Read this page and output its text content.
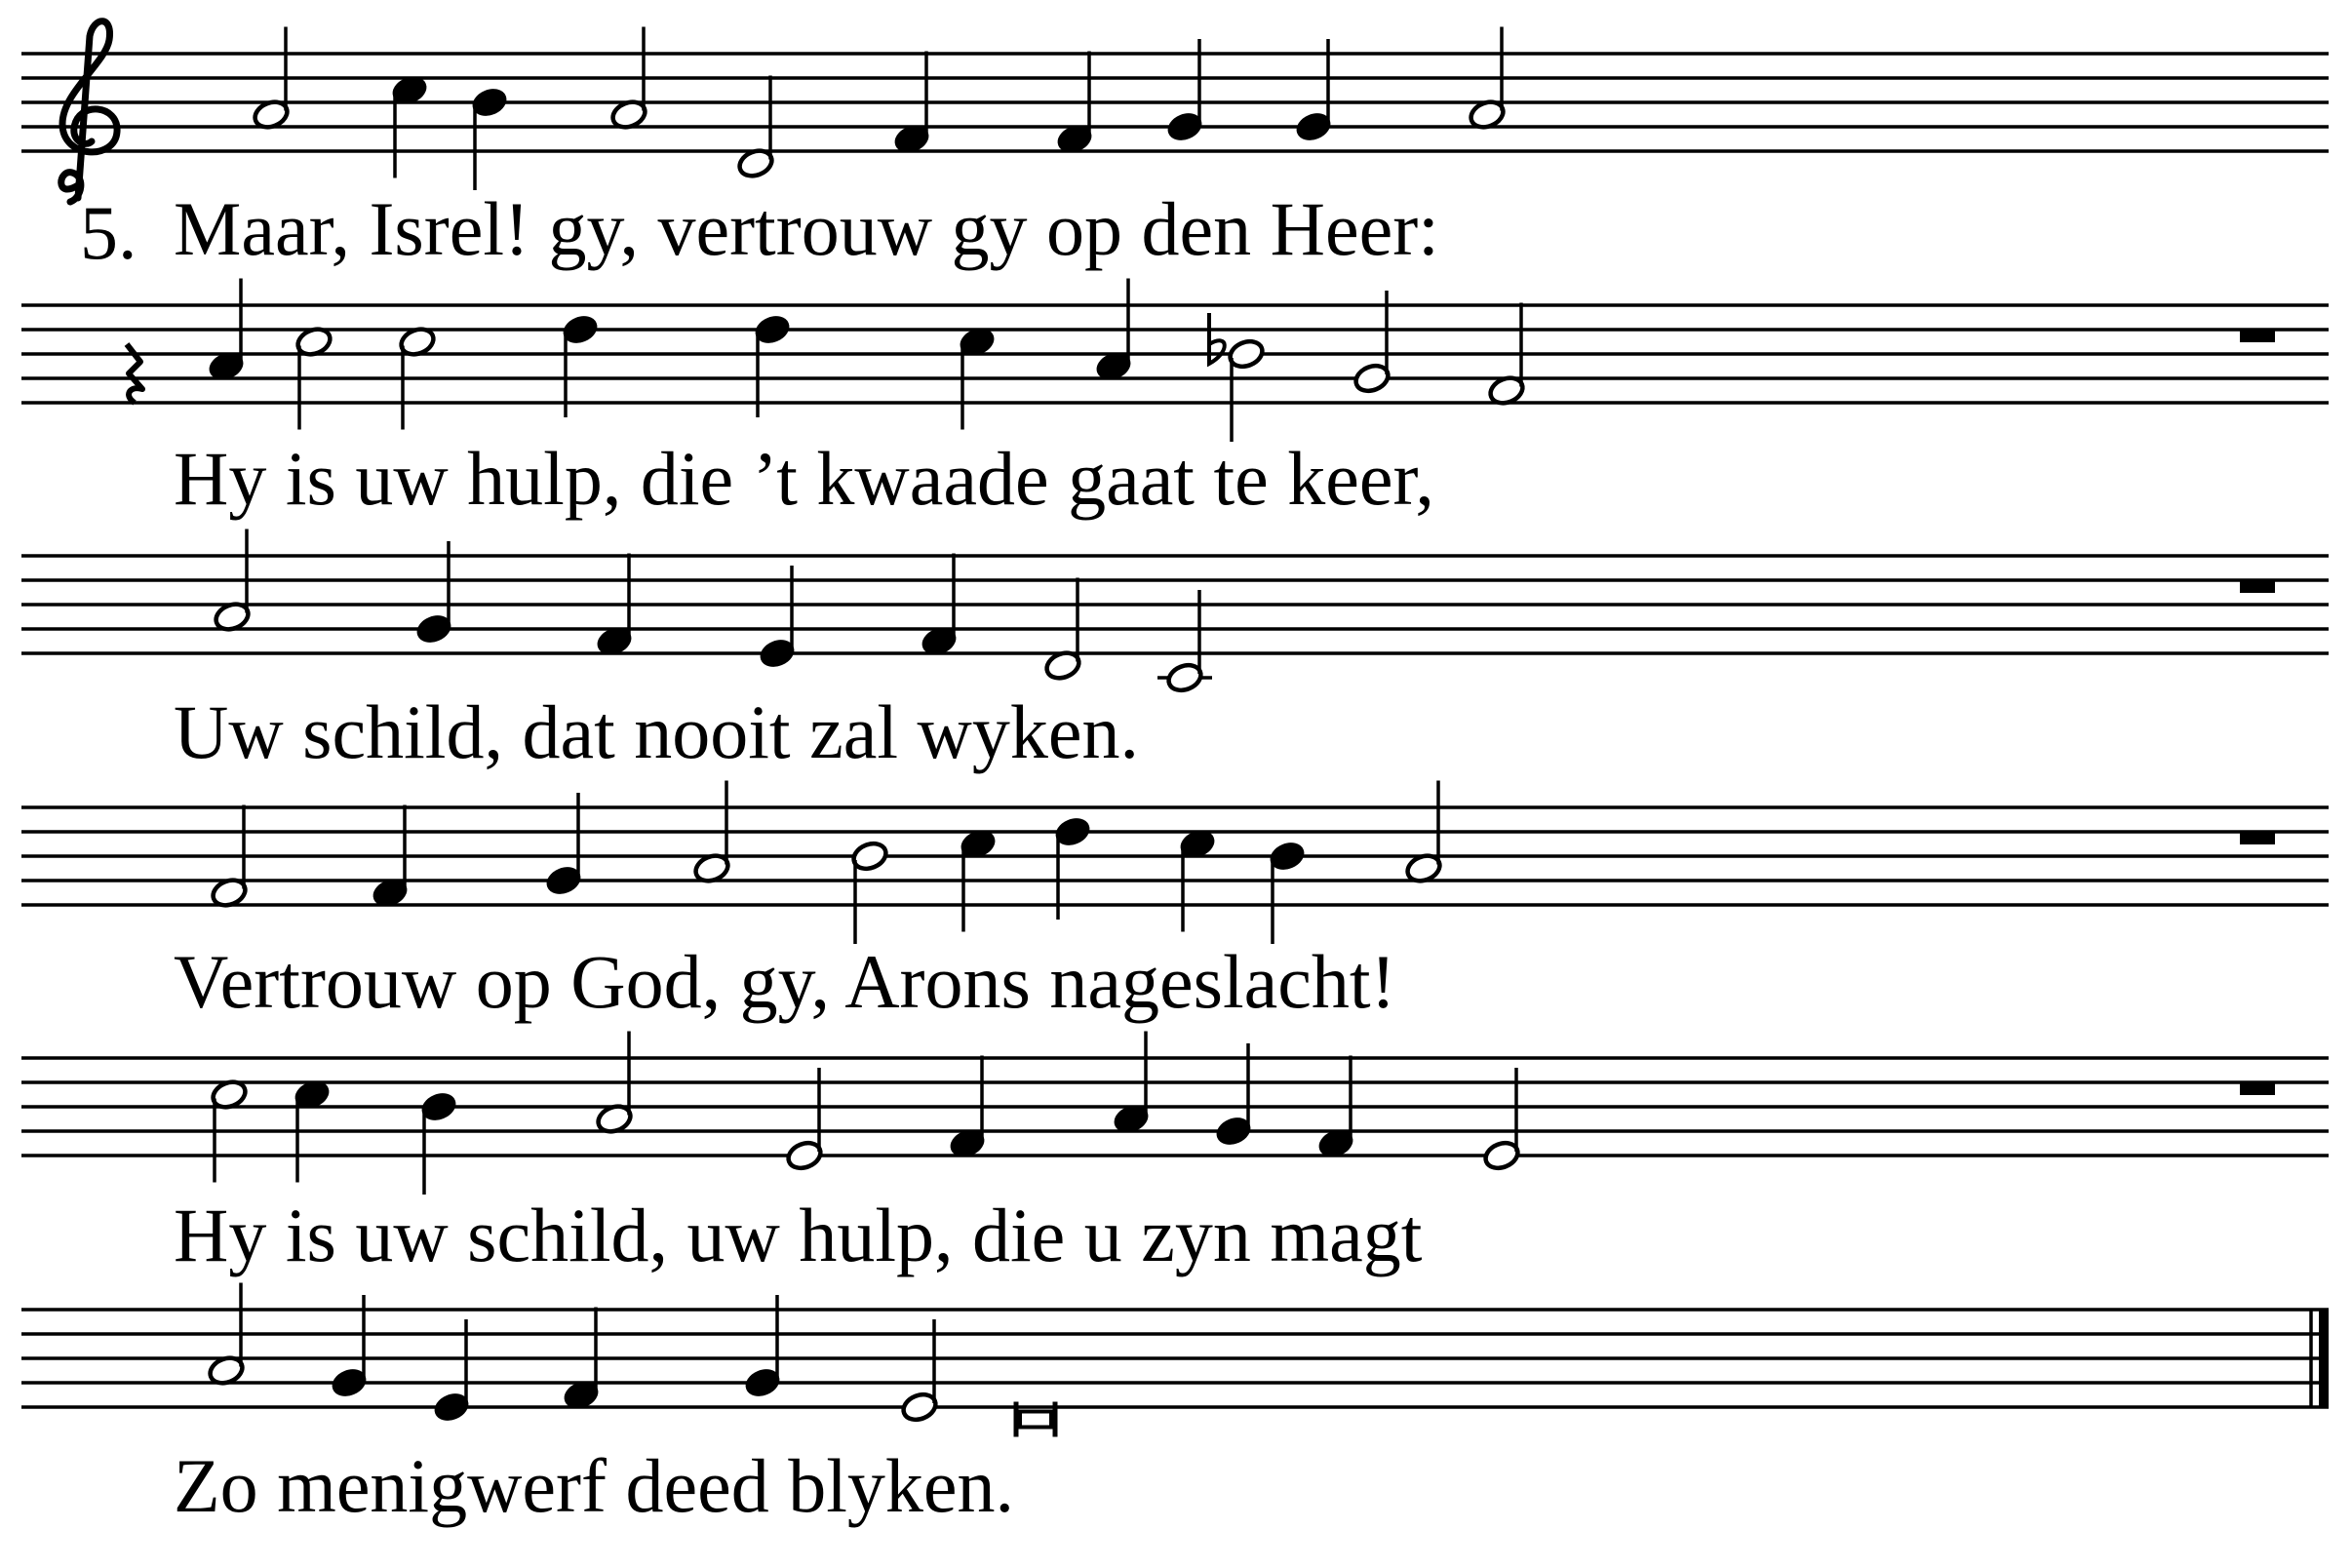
5. Maar, Isrel! gy, vertrouw gy op den Heer:
Hy is uw hulp, die ’t kwaade gaat te keer,
Uw schild, dat nooit zal wyken.
Vertrouw op God, gy, Arons nageslacht!
Hy is uw schild, uw hulp, die u zyn magt
Zo menigwerf deed blyken.
